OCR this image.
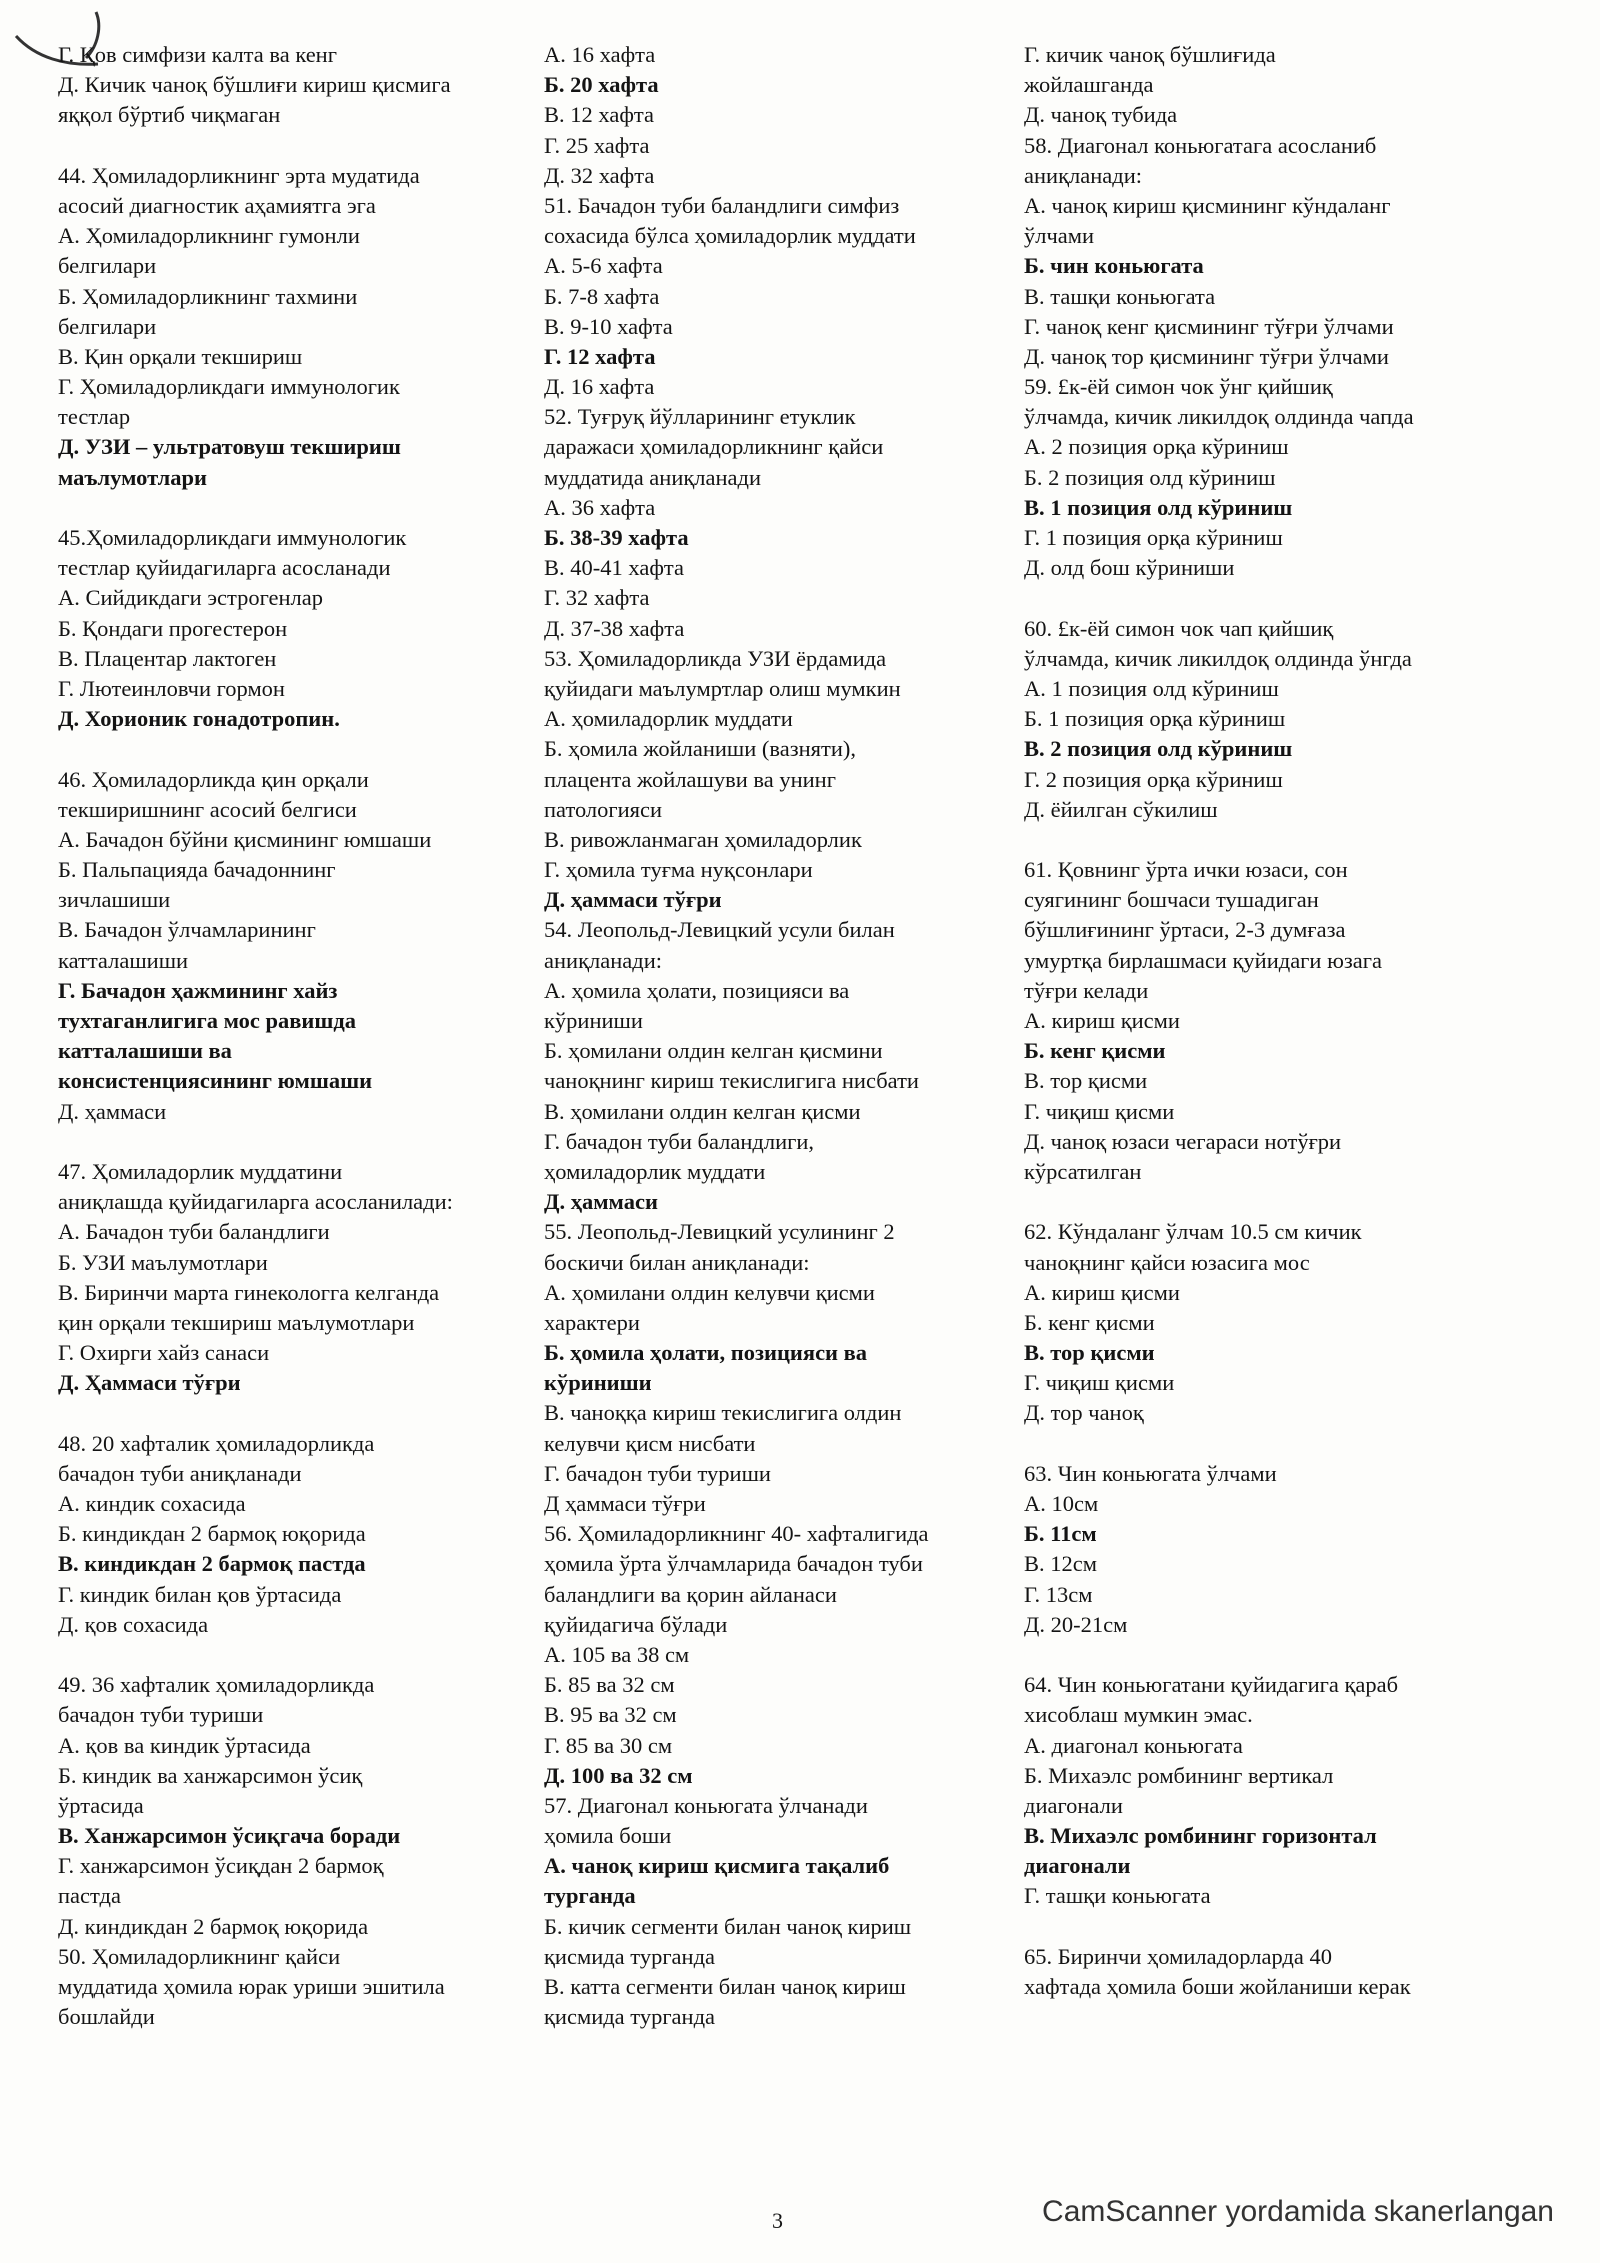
Г. Қов симфизи калта ва кенг
Д. Кичик чаноқ бўшлиғи кириш қисмига
яққол бўртиб чиқмаган
44. Ҳомиладорликнинг эрта мудатида
асосий диагностик аҳамиятга эга
А. Ҳомиладорликнинг гумонли
белгилари
Б. Ҳомиладорликнинг тахмини
белгилари
В. Қин орқали текшириш
Г. Ҳомиладорликдаги иммунологик
тестлар
Д. УЗИ – ультратовуш текшириш
маълумотлари
45.Ҳомиладорликдаги иммунологик
тестлар қуйидагиларга асосланади
А. Сийдикдаги эстрогенлар
Б. Қондаги прогестерон
В. Плацентар лактоген
Г. Лютеинловчи гормон
Д. Хорионик гонадотропин.
46. Ҳомиладорликда қин орқали
текширишнинг асосий белгиси
А. Бачадон бўйни қисмининг юмшаши
Б. Пальпацияда бачадоннинг
зичлашиши
В. Бачадон ўлчамларининг
катталашиши
Г. Бачадон ҳажмининг хайз
тухтаганлигига мос равишда
катталашиши ва
консистенциясининг юмшаши
Д. ҳаммаси
47. Ҳомиладорлик муддатини
аниқлашда қуйидагиларга асосланилади:
А. Бачадон туби баландлиги
Б. УЗИ маълумотлари
В. Биринчи марта гинекологга келганда
қин орқали текшириш маълумотлари
Г. Охирги хайз санаси
Д. Ҳаммаси тўғри
48. 20 хафталик ҳомиладорликда
бачадон туби аниқланади
А. киндик сохасида
Б. киндикдан 2 бармоқ юқорида
В. киндикдан 2 бармоқ пастда
Г. киндик билан қов ўртасида
Д. қов сохасида
49. 36 хафталик ҳомиладорликда
бачадон туби туриши
А. қов ва киндик ўртасида
Б. киндик ва ханжарсимон ўсиқ
ўртасида
В. Ханжарсимон ўсиқгача боради
Г. ханжарсимон ўсиқдан 2 бармоқ
пастда
Д. киндикдан 2 бармоқ юқорида
50. Ҳомиладорликнинг қайси
муддатида ҳомила юрак уриши эшитила
бошлайди
А. 16 хафта
Б. 20 хафта
В. 12 хафта
Г. 25 хафта
Д. 32 хафта
51. Бачадон туби баландлиги симфиз
сохасида бўлса ҳомиладорлик муддати
А. 5-6 хафта
Б. 7-8 хафта
В. 9-10 хафта
Г. 12 хафта
Д. 16 хафта
52. Туғруқ йўлларининг етуклик
даражаси ҳомиладорликнинг қайси
муддатида аниқланади
А. 36 хафта
Б. 38-39 хафта
В. 40-41 хафта
Г. 32 хафта
Д. 37-38 хафта
53. Ҳомиладорликда УЗИ ёрдамида
қуйидаги маълумртлар олиш мумкин
А. ҳомиладорлик муддати
Б. ҳомила жойланиши (вазняти),
плацента жойлашуви ва унинг
патологияси
В. ривожланмаган ҳомиладорлик
Г. ҳомила туғма нуқсонлари
Д. ҳаммаси тўғри
54. Леопольд-Левицкий усули билан
аниқланади:
А. ҳомила ҳолати, позицияси ва
кўриниши
Б. ҳомилани олдин келган қисмини
чаноқнинг кириш текислигига нисбати
В. ҳомилани олдин келган қисми
Г. бачадон туби баландлиги,
ҳомиладорлик муддати
Д. ҳаммаси
55. Леопольд-Левицкий усулининг 2
боскичи билан аниқланади:
А. ҳомилани олдин келувчи қисми
характери
Б. ҳомила ҳолати, позицияси ва
кўриниши
В. чаноққа кириш текислигига олдин
келувчи қисм нисбати
Г. бачадон туби туриши
Д ҳаммаси тўғри
56. Ҳомиладорликнинг 40- хафталигида
ҳомила ўрта ўлчамларида бачадон туби
баландлиги ва қорин айланаси
қуйидагича бўлади
А. 105 ва 38 см
Б. 85 ва 32 см
В. 95 ва 32 см
Г. 85 ва 30 см
Д. 100 ва 32 см
57. Диагонал коньюгата ўлчанади
ҳомила боши
А. чаноқ кириш қисмига тақалиб
турганда
Б. кичик сегменти билан чаноқ кириш
қисмида турганда
В. катта сегменти билан чаноқ кириш
қисмида турганда
Г. кичик чаноқ бўшлиғида
жойлашганда
Д. чаноқ тубида
58. Диагонал коньюгатага асосланиб
аниқланади:
А. чаноқ кириш қисмининг кўндаланг
ўлчами
Б. чин коньюгата
В. ташқи коньюгата
Г. чаноқ кенг қисмининг тўғри ўлчами
Д. чаноқ тор қисмининг тўғри ўлчами
59. £к-ёй симон чок ўнг қийшиқ
ўлчамда, кичик ликилдоқ олдинда чапда
А. 2 позиция орқа кўриниш
Б. 2 позиция олд кўриниш
В. 1 позиция олд кўриниш
Г. 1 позиция орқа кўриниш
Д. олд бош кўриниши
60. £к-ёй симон чок чап қийшиқ
ўлчамда, кичик ликилдоқ олдинда ўнгда
А. 1 позиция олд кўриниш
Б. 1 позиция орқа кўриниш
В. 2 позиция олд кўриниш
Г. 2 позиция орқа кўриниш
Д. ёйилган сўкилиш
61. Қовнинг ўрта ички юзаси, сон
суягининг бошчаси тушадиган
бўшлиғининг ўртаси, 2-3 думғаза
умуртқа бирлашмаси қуйидаги юзага
тўғри келади
А. кириш қисми
Б. кенг қисми
В. тор қисми
Г. чиқиш қисми
Д. чаноқ юзаси чегараси нотўғри
кўрсатилган
62. Кўндаланг ўлчам 10.5 см кичик
чаноқнинг қайси юзасига мос
А. кириш қисми
Б. кенг қисми
В. тор қисми
Г. чиқиш қисми
Д. тор чаноқ
63. Чин коньюгата ўлчами
А. 10см
Б. 11см
В. 12см
Г. 13см
Д. 20-21см
64. Чин коньюгатани қуйидагига қараб
хисоблаш мумкин эмас.
А. диагонал коньюгата
Б. Михаэлс ромбининг вертикал
диагонали
В. Михаэлс ромбининг горизонтал
диагонали
Г. ташқи коньюгата
65. Биринчи ҳомиладорларда 40
хафтада ҳомила боши жойланиши керак
3	CamScanner yordamida skanerlangan
